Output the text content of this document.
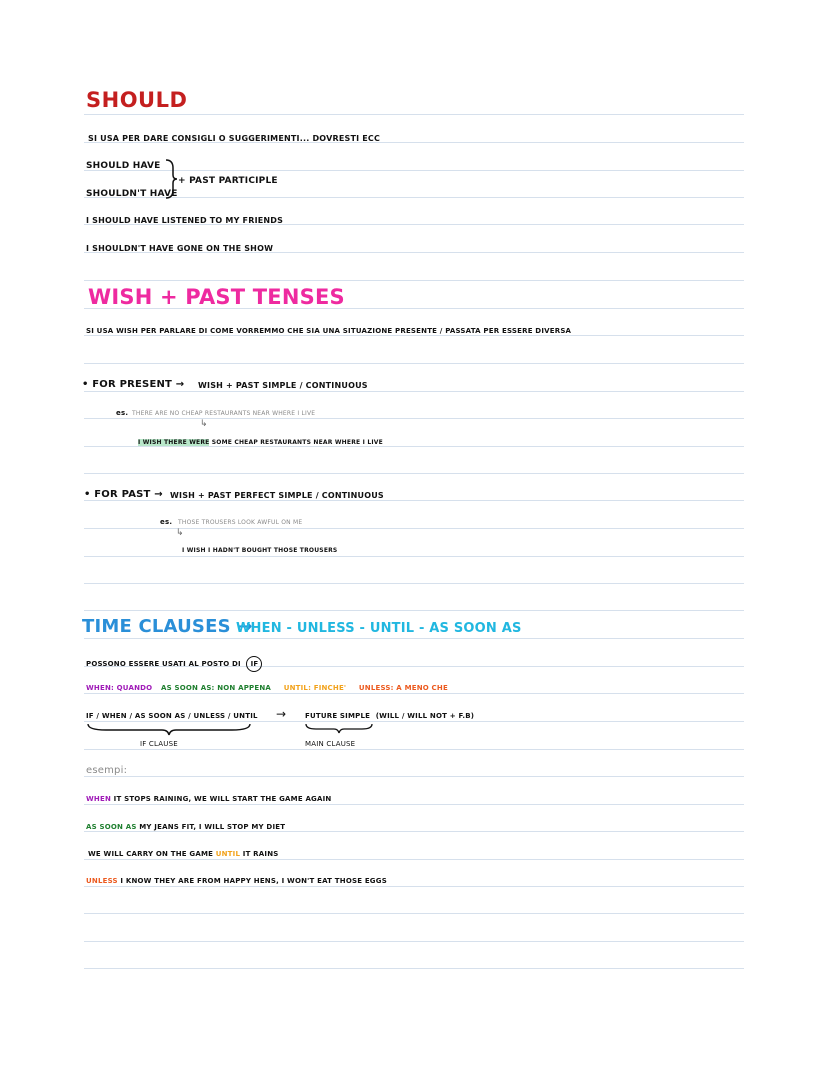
SHOULD
SI USA PER DARE CONSIGLI O SUGGERIMENTI... DOVRESTI ECC
SHOULD HAVE
SHOULDN'T HAVE
+ PAST PARTICIPLE
I SHOULD HAVE LISTENED TO MY FRIENDS
I SHOULDN'T HAVE GONE ON THE SHOW
WISH + PAST TENSES
SI USA WISH PER PARLARE DI COME VORREMMO CHE SIA UNA SITUAZIONE PRESENTE / PASSATA PER ESSERE DIVERSA
• FOR PRESENT → WISH + PAST SIMPLE / CONTINUOUS
es. THERE ARE NO CHEAP RESTAURANTS NEAR WHERE I LIVE
↳
I WISH THERE WERE SOME CHEAP RESTAURANTS NEAR WHERE I LIVE
• FOR PAST → WISH + PAST PERFECT SIMPLE / CONTINUOUS
es. THOSE TROUSERS LOOK AWFUL ON ME
↳
I WISH I HADN'T BOUGHT THOSE TROUSERS
TIME CLAUSES →
WHEN - UNLESS - UNTIL - AS SOON AS
POSSONO ESSERE USATI AL POSTO DI IF
WHEN: QUANDO AS SOON AS: NON APPENA UNTIL: FINCHE' UNLESS: A MENO CHE
IF / WHEN / AS SOON AS / UNLESS / UNTIL →	FUTURE SIMPLE (WILL / WILL NOT + F.B)
IF CLAUSE	MAIN CLAUSE
esempi:
WHEN IT STOPS RAINING, WE WILL START THE GAME AGAIN
AS SOON AS MY JEANS FIT, I WILL STOP MY DIET
WE WILL CARRY ON THE GAME UNTIL IT RAINS
UNLESS I KNOW THEY ARE FROM HAPPY HENS, I WON'T EAT THOSE EGGS
